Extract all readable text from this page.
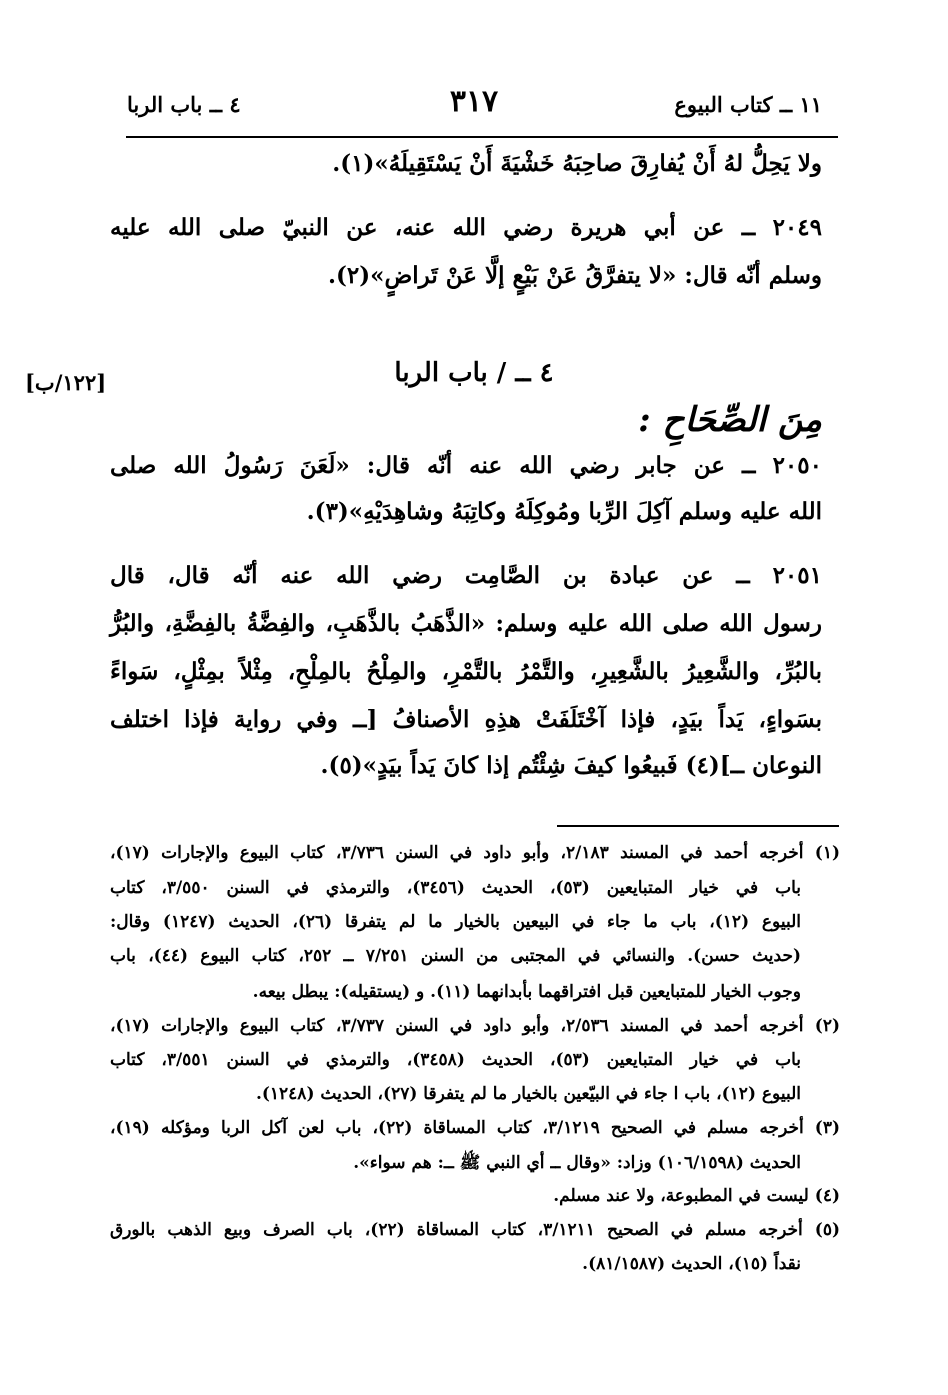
١١ ــ كتاب البيوع
٣١٧
٤ ــ باب الربا
ولا يَحِلُّ لهُ أَنْ يُفارِقَ صاحِبَهُ خَشْيَةَ أَنْ يَسْتَقِيلَهُ»(١).
٢٠٤٩ ــ عن أبي هريرة رضي الله عنه، عن النبيّ صلى الله عليه
وسلم أنّه قال: «لا يتفرَّقُ عَنْ بَيْعٍ إلَّا عَنْ تَراضٍ»(٢).
٤ ــ / باب الربا
[١٢٢/ب]
مِنَ الصِّحَاحِ :
٢٠٥٠ ــ عن جابر رضي الله عنه أنّه قال: «لَعَنَ رَسُولُ الله صلى
الله عليه وسلم آكِلَ الرِّبا ومُوكِلَهُ وكاتِبَهُ وشاهِدَيْهِ»(٣).
٢٠٥١ ــ عن عبادة بن الصَّامِت رضي الله عنه أنّه قال، قال
رسول الله صلى الله عليه وسلم: «الذَّهَبُ بالذَّهَبِ، والفِضَّةُ بالفِضَّةِ، والبُرُّ
بالبُرِّ، والشَّعِيرُ بالشَّعِيرِ، والتَّمْرُ بالتَّمْرِ، والمِلْحُ بالمِلْحِ، مِثْلاً بمِثْلٍ، سَواءً
بسَواءٍ، يَداً بيَدٍ، فإذا آخْتَلَفَتْ هذِهِ الأصنافُ [ــ وفي رواية فإذا اختلف
النوعان ــ](٤) فَبيعُوا كيفَ شِئْتُم إذا كانَ يَداً بيَدٍ»(٥).
(١) أخرجه أحمد في المسند ٢/١٨٣، وأبو داود في السنن ٣/٧٣٦، كتاب البيوع والإجارات (١٧)،
باب في خيار المتبايعين (٥٣)، الحديث (٣٤٥٦)، والترمذي في السنن ٣/٥٥٠، كتاب
البيوع (١٢)، باب ما جاء في البيعين بالخيار ما لم يتفرقا (٢٦)، الحديث (١٢٤٧) وقال:
(حديث حسن). والنسائي في المجتبى من السنن ٧/٢٥١ ــ ٢٥٢، كتاب البيوع (٤٤)، باب
وجوب الخيار للمتبايعين قبل افتراقهما بأبدانهما (١١). و (يستقيله): يبطل بيعه.
(٢) أخرجه أحمد في المسند ٢/٥٣٦، وأبو داود في السنن ٣/٧٣٧، كتاب البيوع والإجارات (١٧)،
باب في خيار المتبايعين (٥٣)، الحديث (٣٤٥٨)، والترمذي في السنن ٣/٥٥١، كتاب
البيوع (١٢)، باب ا جاء في البيّعين بالخيار ما لم يتفرقا (٢٧)، الحديث (١٢٤٨).
(٣) أخرجه مسلم في الصحيح ٣/١٢١٩، كتاب المساقاة (٢٢)، باب لعن آكل الربا ومؤكله (١٩)،
الحديث (١٠٦/١٥٩٨) وزاد: «وقال ــ أي النبي ﷺ ــ: هم سواء».
(٤) ليست في المطبوعة، ولا عند مسلم.
(٥) أخرجه مسلم في الصحيح ٣/١٢١١، كتاب المساقاة (٢٢)، باب الصرف وبيع الذهب بالورق
نقداً (١٥)، الحديث (٨١/١٥٨٧).
